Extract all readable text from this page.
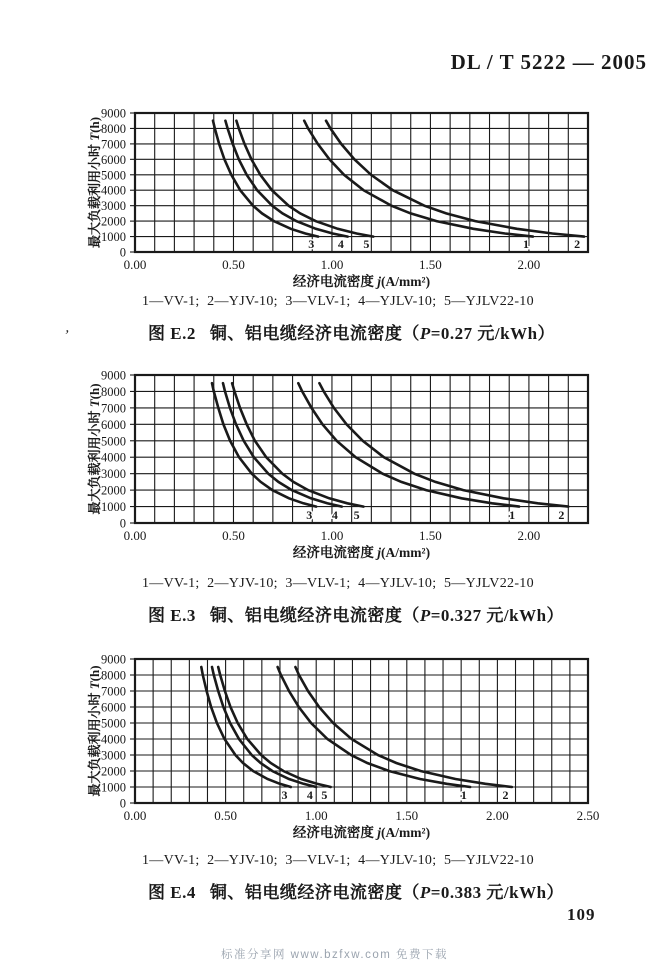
DL / T 5222 — 2005
1	2
3 4 5
0
1000
2000
3000
4000
5000
6000
7000
8000
9000
0.00	0.50	1.00	1.50	2.00
经济电流密度 j(A/mm²)
最大负载利用小时 T(h)
1—VV-1;  2—YJV-10;  3—VLV-1;  4—YJLV-10;  5—YJLV22-10
图 E.2 铜、铝电缆经济电流密度（P=0.27 元/kWh）
1	2
3 4 5
0
1000
2000
3000
4000
5000
6000
7000
8000
9000
0.00	0.50	1.00	1.50	2.00
经济电流密度 j(A/mm²)
最大负载利用小时 T(h)
1—VV-1;  2—YJV-10;  3—VLV-1;  4—YJLV-10;  5—YJLV22-10
图 E.3 铜、铝电缆经济电流密度（P=0.327 元/kWh）
1	2
3 4 5
0
1000
2000
3000
4000
5000
6000
7000
8000
9000
0.00	0.50	1.00	1.50	2.00	2.50
经济电流密度 j(A/mm²)
最大负载利用小时 T(h)
1—VV-1;  2—YJV-10;  3—VLV-1;  4—YJLV-10;  5—YJLV22-10
图 E.4 铜、铝电缆经济电流密度（P=0.383 元/kWh）
’
109
标准分享网 www.bzfxw.com 免费下载
